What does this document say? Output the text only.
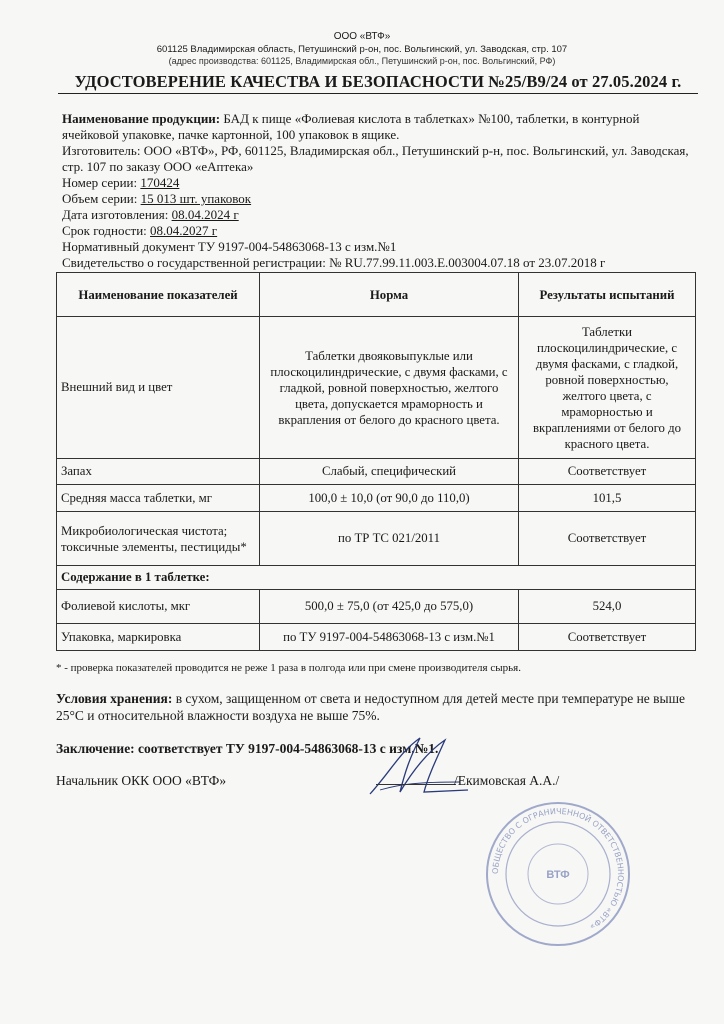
ООО «ВТФ»
601125 Владимирская область, Петушинский р-он, пос. Вольгинский, ул. Заводская, стр. 107
(адрес производства: 601125, Владимирская обл., Петушинский р-он, пос. Вольгинский, РФ)
УДОСТОВЕРЕНИЕ КАЧЕСТВА И БЕЗОПАСНОСТИ №25/В9/24 от 27.05.2024 г.
Наименование продукции: БАД к пище «Фолиевая кислота в таблетках» №100, таблетки, в контурной ячейковой упаковке, пачке картонной, 100 упаковок в ящике.
Изготовитель: ООО «ВТФ», РФ, 601125, Владимирская обл., Петушинский р-н, пос. Вольгинский, ул. Заводская, стр. 107 по заказу ООО «еАптека»
Номер серии: 170424
Объем серии: 15 013 шт. упаковок
Дата изготовления: 08.04.2024 г
Срок годности: 08.04.2027 г
Нормативный документ ТУ 9197-004-54863068-13 с изм.№1
Свидетельство о государственной регистрации: № RU.77.99.11.003.Е.003004.07.18 от 23.07.2018 г
Наименование показателей	Норма	Результаты испытаний
Внешний вид и цвет	Таблетки двояковыпуклые или плоскоцилиндрические, с двумя фасками, с гладкой, ровной поверхностью, желтого цвета, допускается мраморность и вкрапления от белого до красного цвета.	Таблетки плоскоцилиндрические, с двумя фасками, с гладкой, ровной поверхностью, желтого цвета, с мраморностью и вкраплениями от белого до красного цвета.
Запах	Слабый, специфический	Соответствует
Средняя масса таблетки, мг	100,0 ± 10,0 (от 90,0 до 110,0)	101,5
Микробиологическая чистота; токсичные элементы, пестициды*	по ТР ТС 021/2011	Соответствует
Содержание в 1 таблетке:		
Фолиевой кислоты, мкг	500,0 ± 75,0 (от 425,0 до 575,0)	524,0
Упаковка, маркировка	по ТУ 9197-004-54863068-13 с изм.№1	Соответствует
* - проверка показателей проводится не реже 1 раза в полгода или при смене производителя сырья.
Условия хранения: в сухом, защищенном от света и недоступном для детей месте при температуре не выше 25°С и относительной влажности воздуха не выше 75%.
Заключение: соответствует ТУ 9197-004-54863068-13 с изм.№1.
Начальник ОКК ООО «ВТФ»	/Екимовская А.А./
ОБЩЕСТВО С ОГРАНИЧЕННОЙ ОТВЕТСТВЕННОСТЬЮ «ВТФ»
ВТФ
